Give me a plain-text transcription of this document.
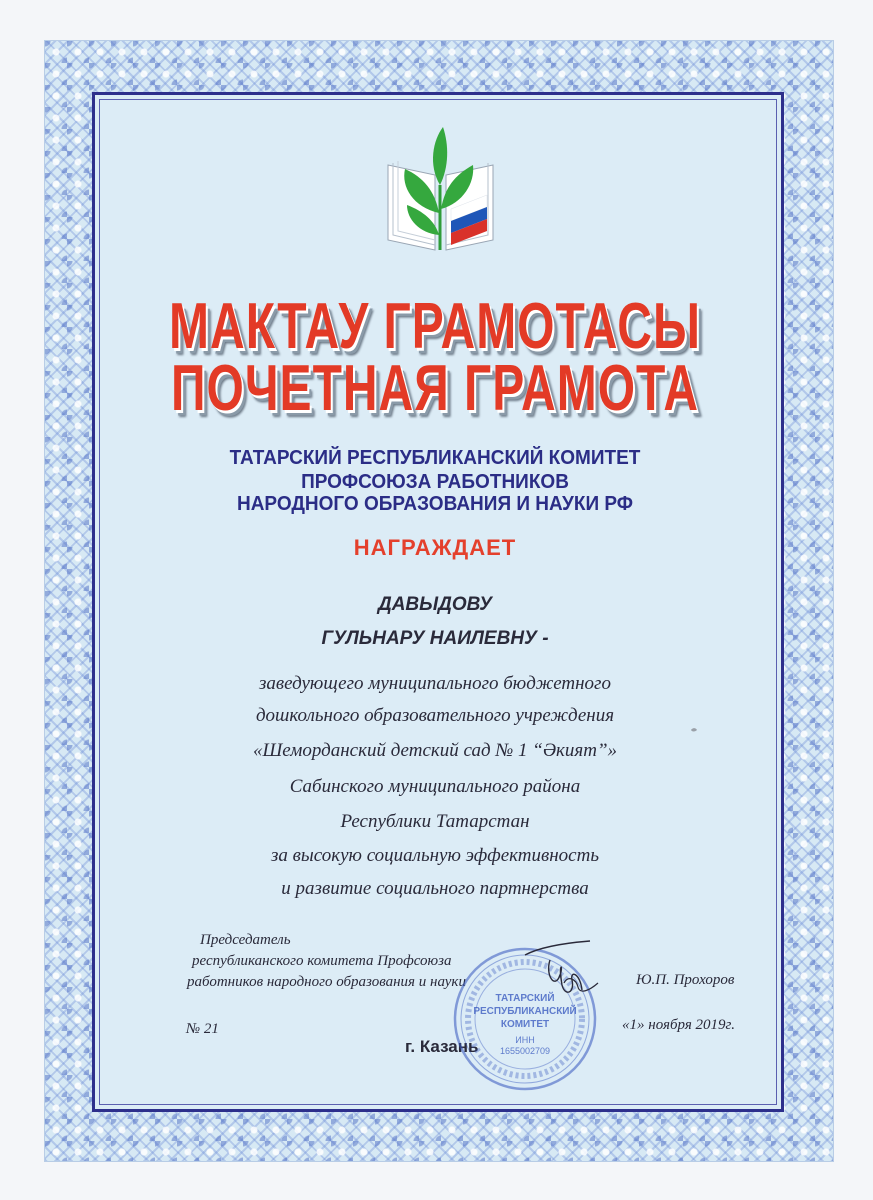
МАКТАУ ГРАМОТАСЫ
ПОЧЕТНАЯ ГРАМОТА
ТАТАРСКИЙ РЕСПУБЛИКАНСКИЙ КОМИТЕТ
ПРОФСОЮЗА РАБОТНИКОВ
НАРОДНОГО ОБРАЗОВАНИЯ И НАУКИ РФ
НАГРАЖДАЕТ
ДАВЫДОВУ
ГУЛЬНАРУ НАИЛЕВНУ -
заведующего муниципального бюджетного
дошкольного образовательного учреждения
«Шеморданский детский сад № 1 “Әкият”»
Сабинского муниципального района
Республики Татарстан
за высокую социальную эффективность
и развитие социального партнерства
Председатель
республиканского комитета Профсоюза
работников народного образования и науки	Ю.П. Прохоров
№ 21
г. Казань
«1» ноября 2019г.
ТАТАРСКИЙ
РЕСПУБЛИКАНСКИЙ
КОМИТЕТ
ИНН
1655002709
